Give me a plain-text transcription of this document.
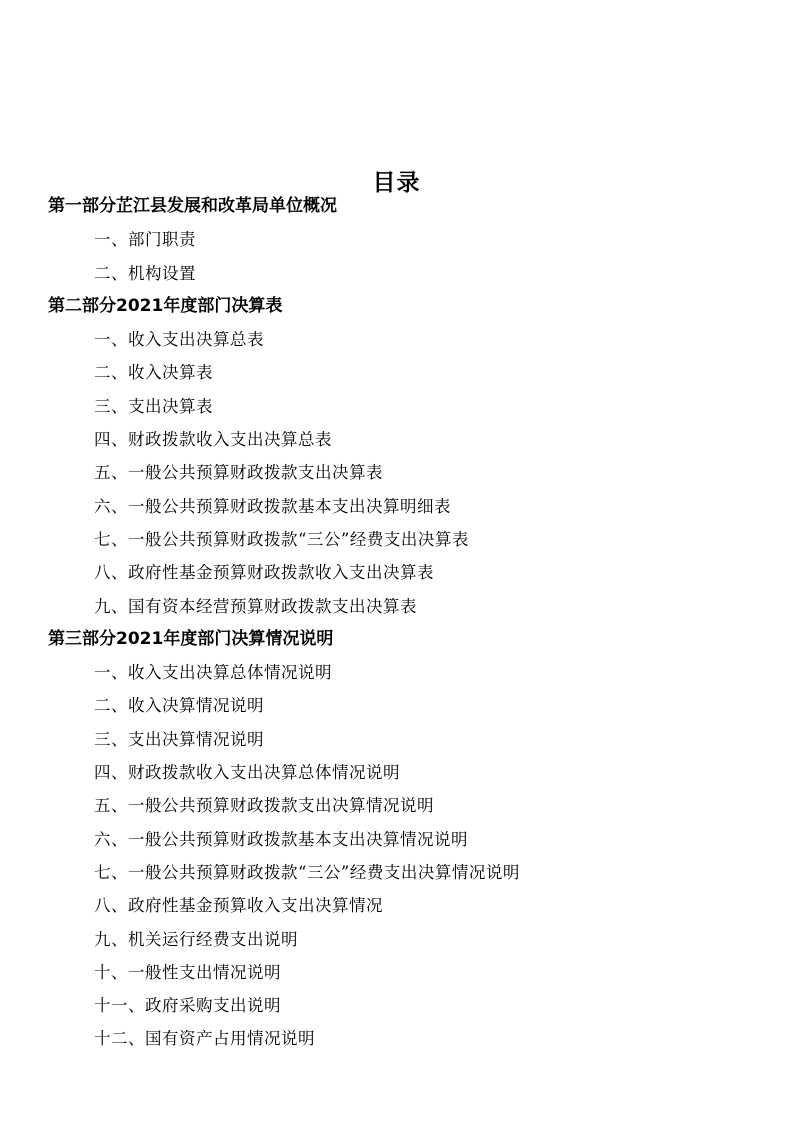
目录
第一部分芷江县发展和改革局单位概况
一、部门职责
二、机构设置
第二部分2021年度部门决算表
一、收入支出决算总表
二、收入决算表
三、支出决算表
四、财政拨款收入支出决算总表
五、一般公共预算财政拨款支出决算表
六、一般公共预算财政拨款基本支出决算明细表
七、一般公共预算财政拨款“三公”经费支出决算表
八、政府性基金预算财政拨款收入支出决算表
九、国有资本经营预算财政拨款支出决算表
第三部分2021年度部门决算情况说明
一、收入支出决算总体情况说明
二、收入决算情况说明
三、支出决算情况说明
四、财政拨款收入支出决算总体情况说明
五、一般公共预算财政拨款支出决算情况说明
六、一般公共预算财政拨款基本支出决算情况说明
七、一般公共预算财政拨款“三公”经费支出决算情况说明
八、政府性基金预算收入支出决算情况
九、机关运行经费支出说明
十、一般性支出情况说明
十一、政府采购支出说明
十二、国有资产占用情况说明
